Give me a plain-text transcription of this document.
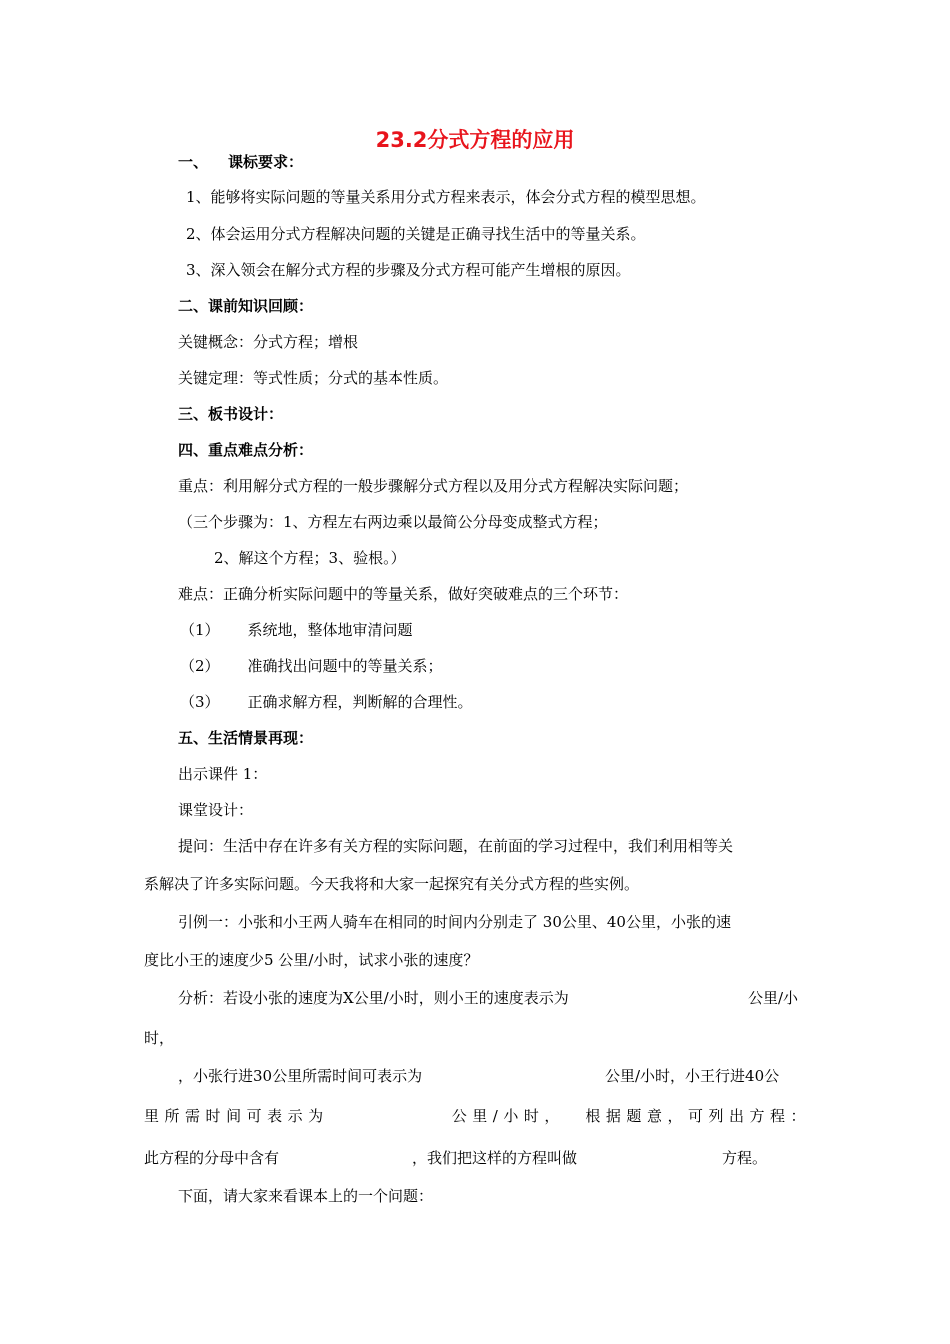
23.2分式方程的应用
一、 课标要求：
1、能够将实际问题的等量关系用分式方程来表示，体会分式方程的模型思想。
2、体会运用分式方程解决问题的关键是正确寻找生活中的等量关系。
3、深入领会在解分式方程的步骤及分式方程可能产生增根的原因。
二、课前知识回顾：
关键概念：分式方程；增根
关键定理：等式性质；分式的基本性质。
三、板书设计：
四、重点难点分析：
重点：利用解分式方程的一般步骤解分式方程以及用分式方程解决实际问题；
（三个步骤为：1、方程左右两边乘以最简公分母变成整式方程；
2、解这个方程；3、验根。）
难点：正确分析实际问题中的等量关系，做好突破难点的三个环节：
（1） 系统地，整体地审清问题
（2） 准确找出问题中的等量关系；
（3） 正确求解方程，判断解的合理性。
五、生活情景再现：
出示课件 1：
课堂设计：
提问：生活中存在许多有关方程的实际问题，在前面的学习过程中，我们利用相等关
系解决了许多实际问题。今天我将和大家一起探究有关分式方程的些实例。
引例一：小张和小王两人骑车在相同的时间内分别走了 30公里、40公里，小张的速
度比小王的速度少5 公里/小时，试求小张的速度？
分析：若设小张的速度为X公里/小时，则小王的速度表示为	公里/小
时，
，小张行进30公里所需时间可表示为	公里/小时，小王行进40公
里 所 需 时 间 可 表 示 为

　	公 里 / 小 时 ，
　 根 据 题 意 ， 可 列 出 方 程 ：
此方程的分母中含有	，我们把这样的方程叫做	方程。
下面，请大家来看课本上的一个问题：
